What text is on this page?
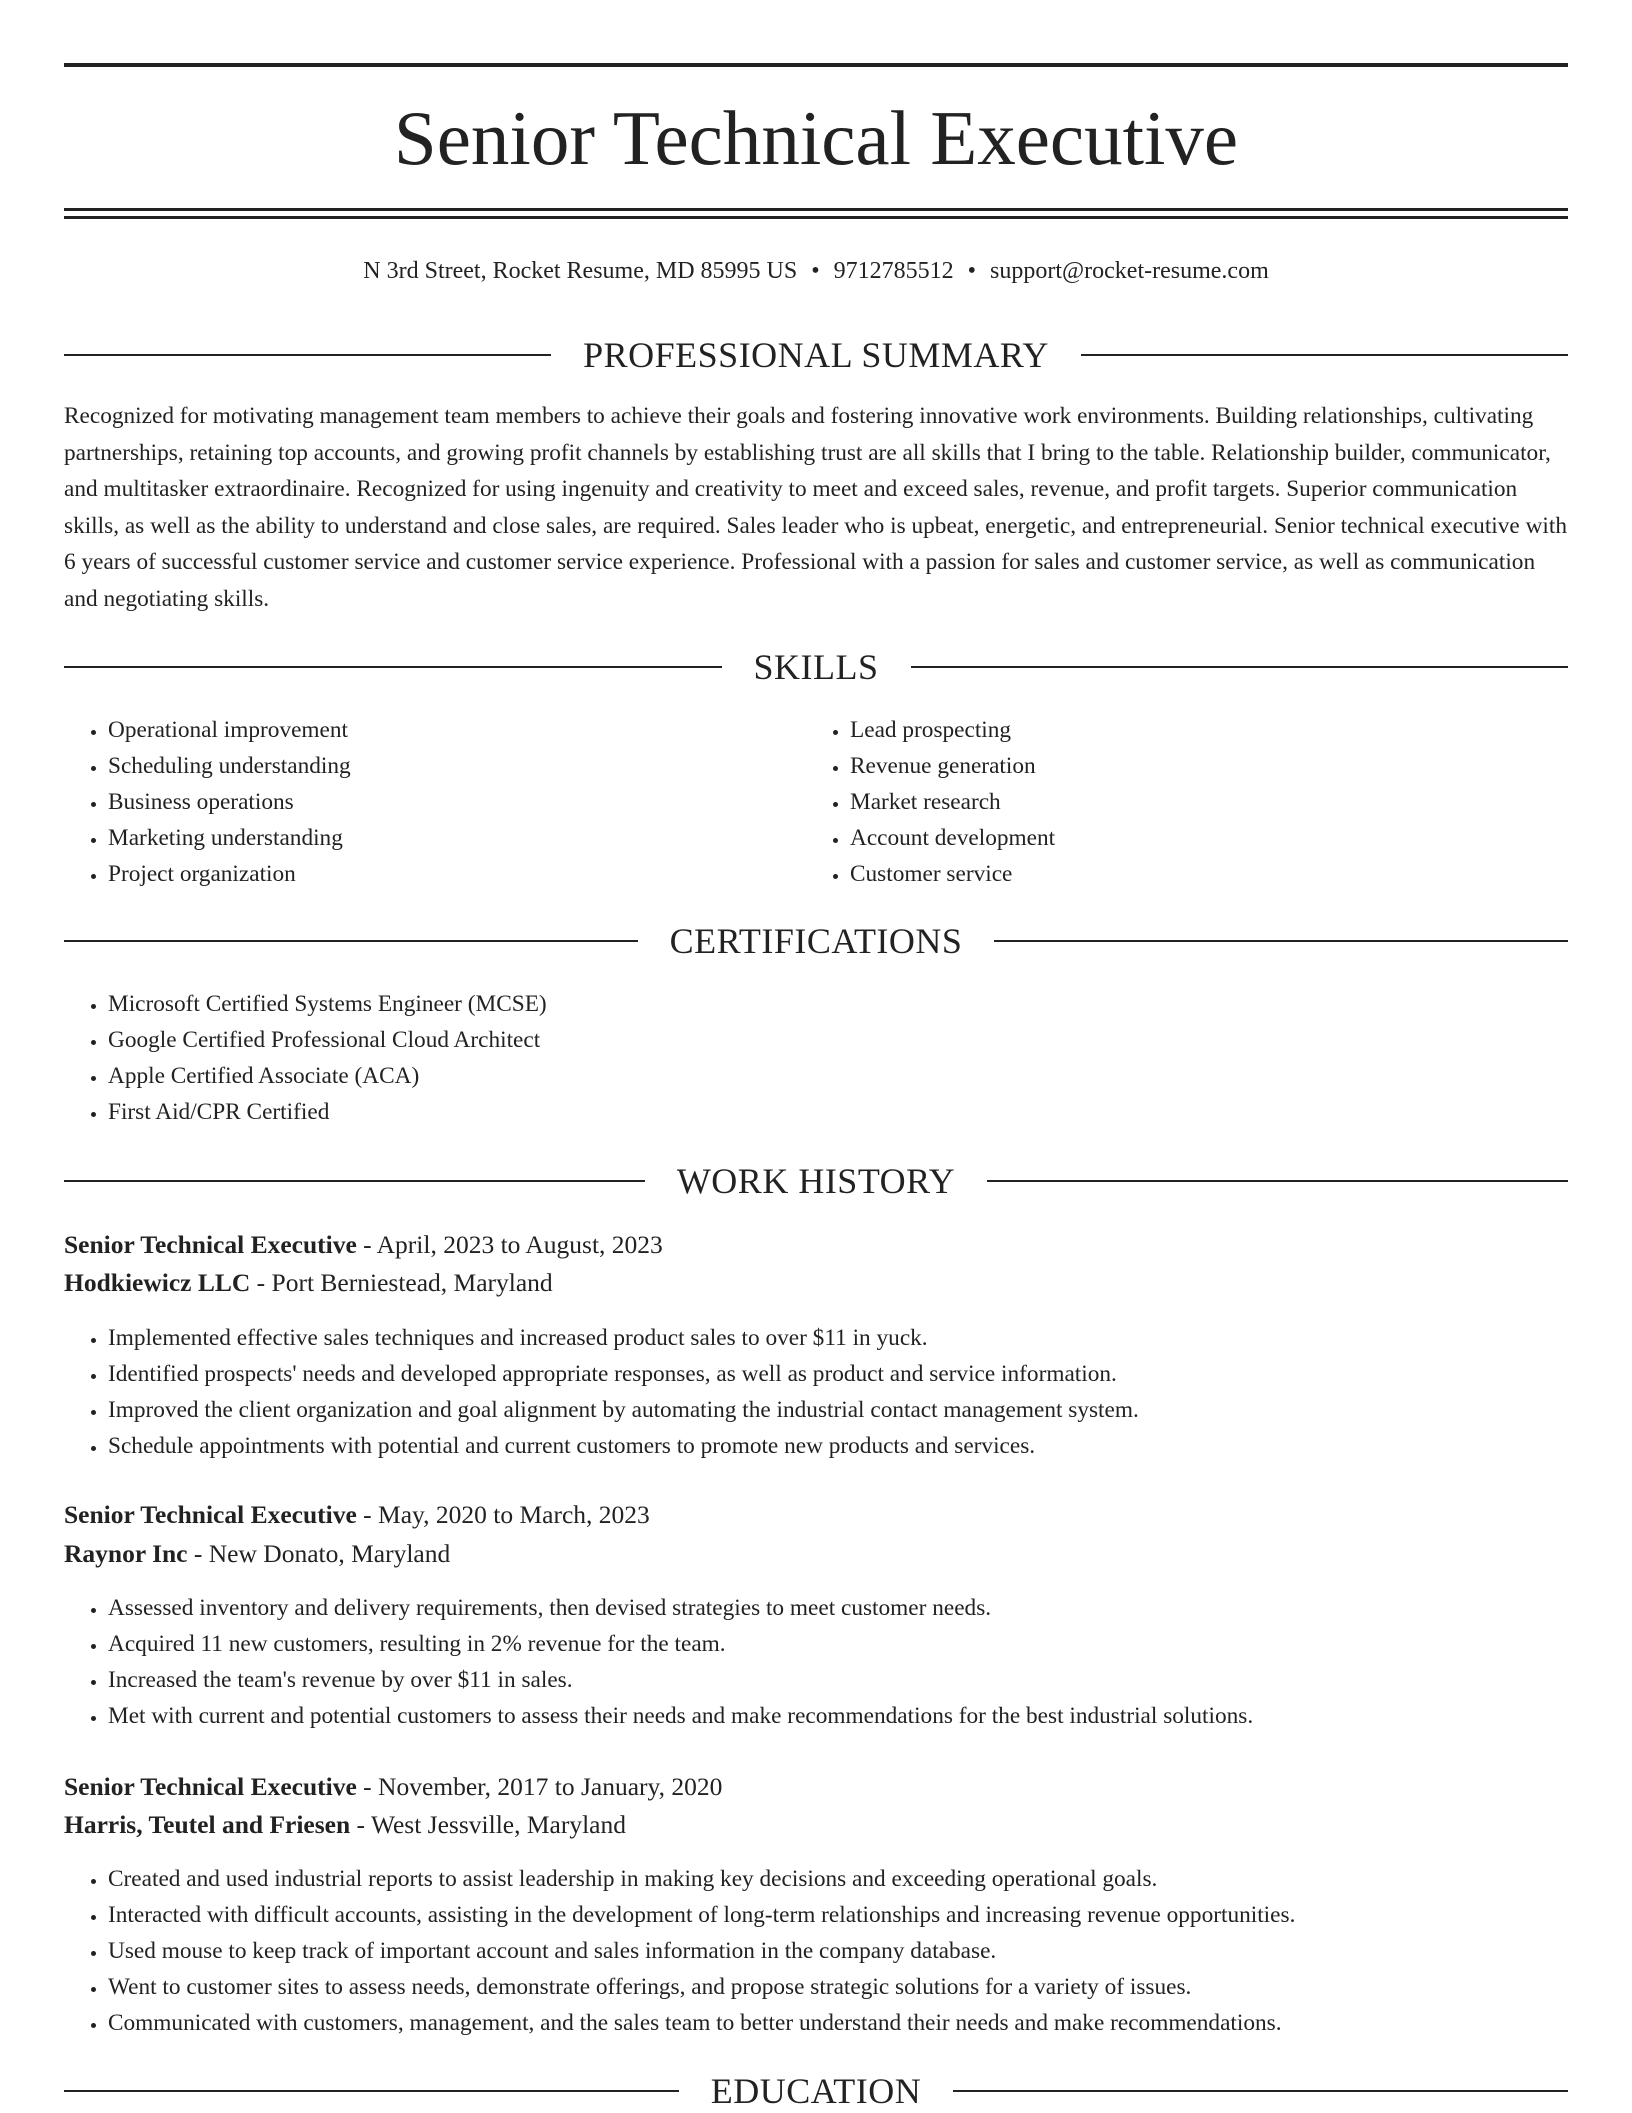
Senior Technical Executive
N 3rd Street, Rocket Resume, MD 85995 US • 9712785512 • support@rocket-resume.com
PROFESSIONAL SUMMARY

Recognized for motivating management team members to achieve their goals and fostering innovative work environments. Building relationships, cultivating partnerships, retaining top accounts, and growing profit channels by establishing trust are all skills that I bring to the table. Relationship builder, communicator, and multitasker extraordinaire. Recognized for using ingenuity and creativity to meet and exceed sales, revenue, and profit targets. Superior communication skills, as well as the ability to understand and close sales, are required. Sales leader who is upbeat, energetic, and entrepreneurial. Senior technical executive with 6 years of successful customer service and customer service experience. Professional with a passion for sales and customer service, as well as communication and negotiating skills.

SKILLS
• Operational improvement
• Scheduling understanding
• Business operations
• Marketing understanding
• Project organization
• Lead prospecting
• Revenue generation
• Market research
• Account development
• Customer service
CERTIFICATIONS
• Microsoft Certified Systems Engineer (MCSE)
• Google Certified Professional Cloud Architect
• Apple Certified Associate (ACA)
• First Aid/CPR Certified
WORK HISTORY
Senior Technical Executive - April, 2023 to August, 2023
Hodkiewicz LLC - Port Berniestead, Maryland
• Implemented effective sales techniques and increased product sales to over $11 in yuck.
• Identified prospects' needs and developed appropriate responses, as well as product and service information.
• Improved the client organization and goal alignment by automating the industrial contact management system.
• Schedule appointments with potential and current customers to promote new products and services.
Senior Technical Executive - May, 2020 to March, 2023
Raynor Inc - New Donato, Maryland
• Assessed inventory and delivery requirements, then devised strategies to meet customer needs.
• Acquired 11 new customers, resulting in 2% revenue for the team.
• Increased the team's revenue by over $11 in sales.
• Met with current and potential customers to assess their needs and make recommendations for the best industrial solutions.
Senior Technical Executive - November, 2017 to January, 2020
Harris, Teutel and Friesen - West Jessville, Maryland
• Created and used industrial reports to assist leadership in making key decisions and exceeding operational goals.
• Interacted with difficult accounts, assisting in the development of long-term relationships and increasing revenue opportunities.
• Used mouse to keep track of important account and sales information in the company database.
• Went to customer sites to assess needs, demonstrate offerings, and propose strategic solutions for a variety of issues.
• Communicated with customers, management, and the sales team to better understand their needs and make recommendations.
EDUCATION
